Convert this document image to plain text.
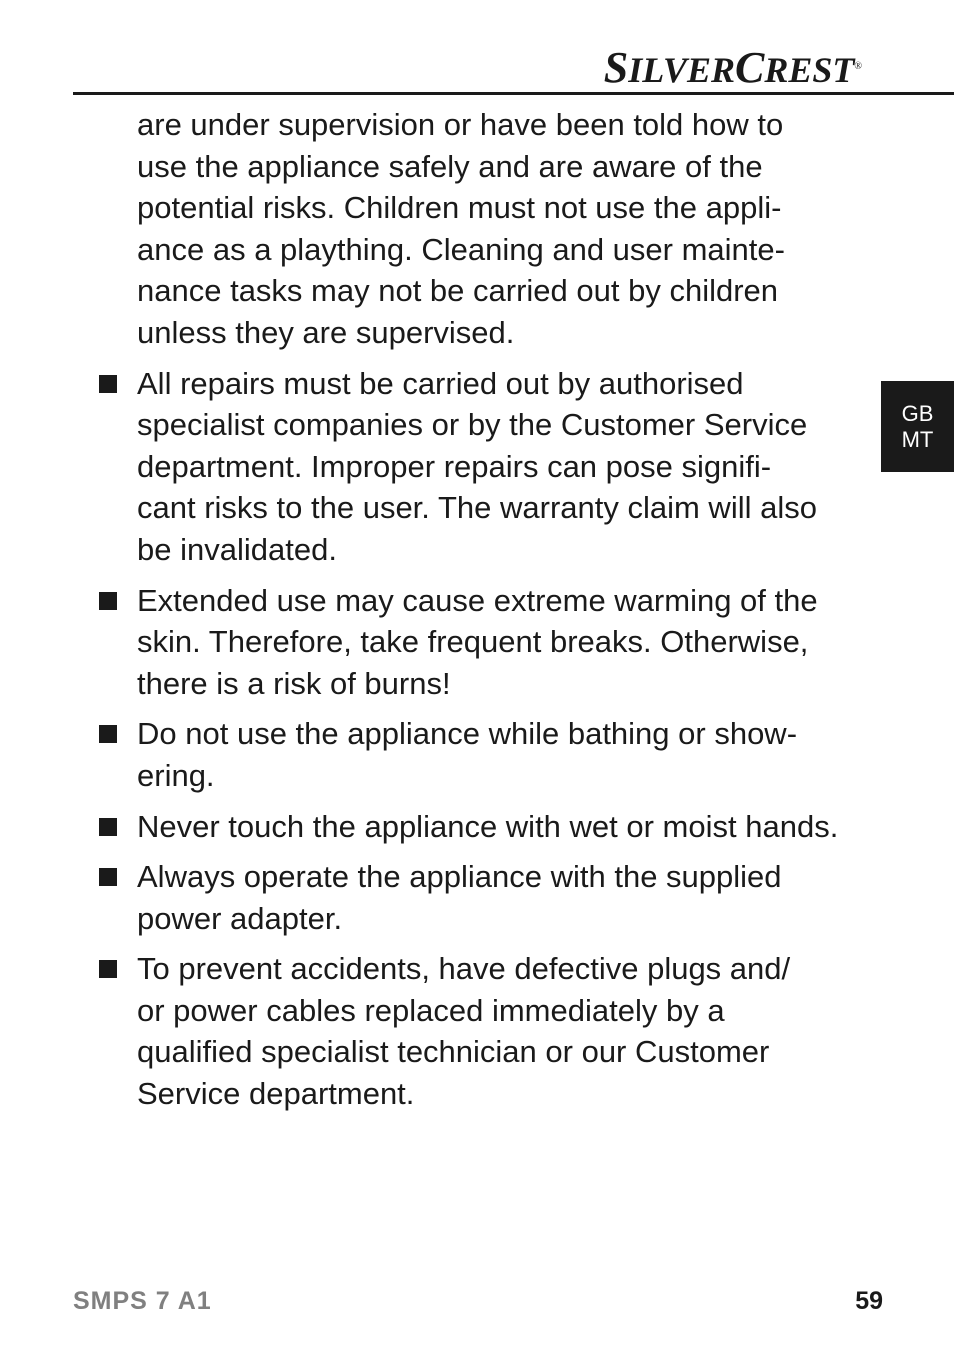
SILVERCREST®
GB
MT
are under supervision or have been told how to
use the appliance safely and are aware of the
potential risks. Children must not use the appli-
ance as a plaything. Cleaning and user mainte-
nance tasks may not be carried out by children
unless they are supervised.
All repairs must be carried out by authorised
specialist companies or by the Customer Service
department. Improper repairs can pose signifi-
cant risks to the user. The warranty claim will also
be invalidated.
Extended use may cause extreme warming of the
skin. Therefore, take frequent breaks. Otherwise,
there is a risk of burns!
Do not use the appliance while bathing or show-
ering.
Never touch the appliance with wet or moist hands.
Always operate the appliance with the supplied
power adapter.
To prevent accidents, have defective plugs and/
or power cables replaced immediately by a
qualified specialist technician or our Customer
Service department.
SMPS 7 A1	59
